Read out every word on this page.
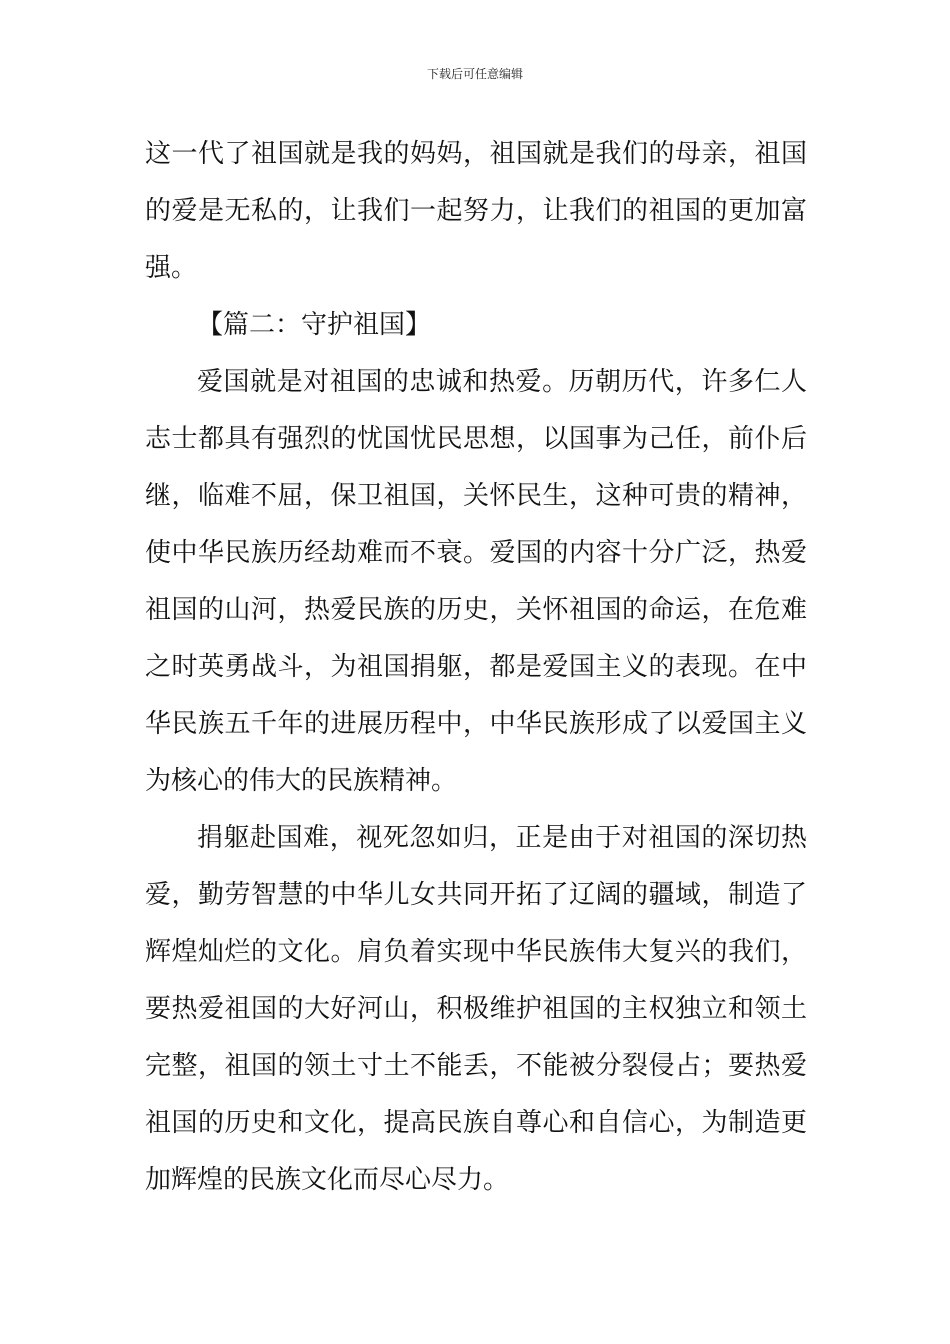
下载后可任意编辑

这一代了祖国就是我的妈妈，祖国就是我们的母亲，祖国的爱是无私的，让我们一起努力，让我们的祖国的更加富强。

【篇二：守护祖国】

爱国就是对祖国的忠诚和热爱。历朝历代，许多仁人志士都具有强烈的忧国忧民思想，以国事为己任，前仆后继，临难不屈，保卫祖国，关怀民生，这种可贵的精神，使中华民族历经劫难而不衰。爱国的内容十分广泛，热爱祖国的山河，热爱民族的历史，关怀祖国的命运，在危难之时英勇战斗，为祖国捐躯，都是爱国主义的表现。在中华民族五千年的进展历程中，中华民族形成了以爱国主义为核心的伟大的民族精神。

捐躯赴国难，视死忽如归，正是由于对祖国的深切热爱，勤劳智慧的中华儿女共同开拓了辽阔的疆域，制造了辉煌灿烂的文化。肩负着实现中华民族伟大复兴的我们，要热爱祖国的大好河山，积极维护祖国的主权独立和领土完整，祖国的领土寸土不能丢，不能被分裂侵占；要热爱祖国的历史和文化，提高民族自尊心和自信心，为制造更加辉煌的民族文化而尽心尽力。
